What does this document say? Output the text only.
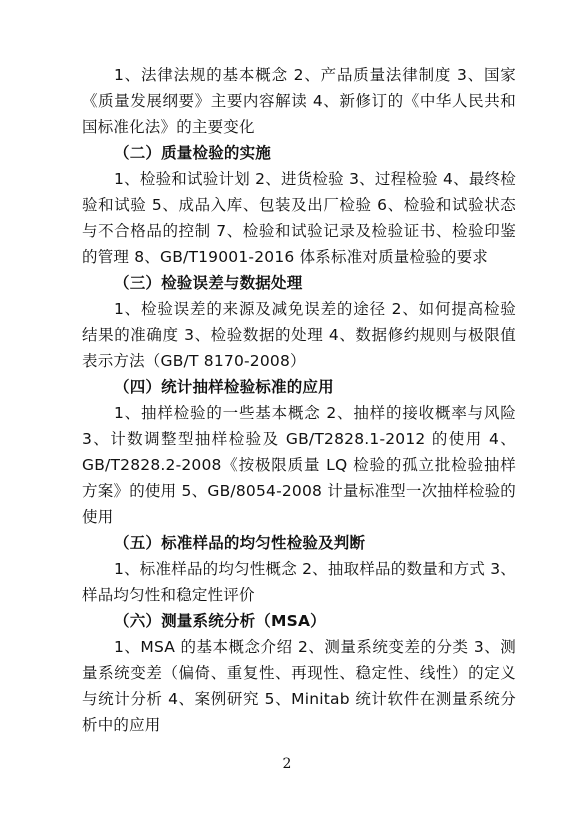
1、法律法规的基本概念 2、产品质量法律制度 3、国家《质量发展纲要》主要内容解读 4、新修订的《中华人民共和国标准化法》的主要变化

（二）质量检验的实施

1、检验和试验计划 2、进货检验 3、过程检验 4、最终检验和试验 5、成品入库、包装及出厂检验 6、检验和试验状态与不合格品的控制 7、检验和试验记录及检验证书、检验印鉴的管理 8、GB/T19001-2016 体系标准对质量检验的要求

（三）检验误差与数据处理

1、检验误差的来源及减免误差的途径 2、如何提高检验结果的准确度 3、检验数据的处理 4、数据修约规则与极限值表示方法（GB/T 8170-2008）

（四）统计抽样检验标准的应用

1、抽样检验的一些基本概念 2、抽样的接收概率与风险 3、计数调整型抽样检验及 GB/T2828.1-2012 的使用 4、GB/T2828.2-2008《按极限质量 LQ 检验的孤立批检验抽样方案》的使用 5、GB/8054-2008 计量标准型一次抽样检验的使用

（五）标准样品的均匀性检验及判断

1、标准样品的均匀性概念 2、抽取样品的数量和方式 3、样品均匀性和稳定性评价

（六）测量系统分析（MSA）

1、MSA 的基本概念介绍 2、测量系统变差的分类 3、测量系统变差（偏倚、重复性、再现性、稳定性、线性）的定义与统计分析 4、案例研究 5、Minitab 统计软件在测量系统分析中的应用

2
